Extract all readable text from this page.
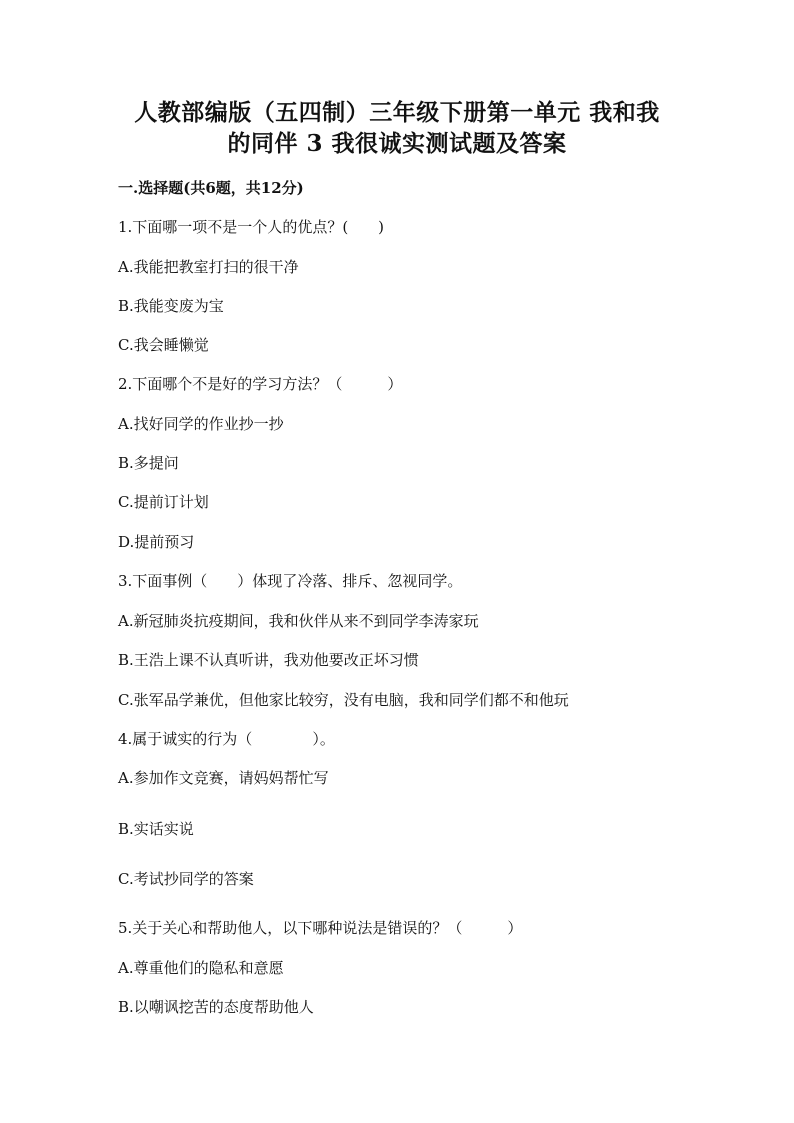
人教部编版（五四制）三年级下册第一单元 我和我
的同伴 3 我很诚实测试题及答案
一.选择题(共6题，共12分)
1.下面哪一项不是一个人的优点？(　　)
A.我能把教室打扫的很干净
B.我能变废为宝
C.我会睡懒觉
2.下面哪个不是好的学习方法？（　　　）
A.找好同学的作业抄一抄
B.多提问
C.提前订计划
D.提前预习
3.下面事例（　　）体现了冷落、排斥、忽视同学。
A.新冠肺炎抗疫期间，我和伙伴从来不到同学李涛家玩
B.王浩上课不认真听讲，我劝他要改正坏习惯
C.张军品学兼优，但他家比较穷，没有电脑，我和同学们都不和他玩
4.属于诚实的行为（　　　　）。
A.参加作文竞赛，请妈妈帮忙写
B.实话实说
C.考试抄同学的答案
5.关于关心和帮助他人，以下哪种说法是错误的？（　　　）
A.尊重他们的隐私和意愿
B.以嘲讽挖苦的态度帮助他人
